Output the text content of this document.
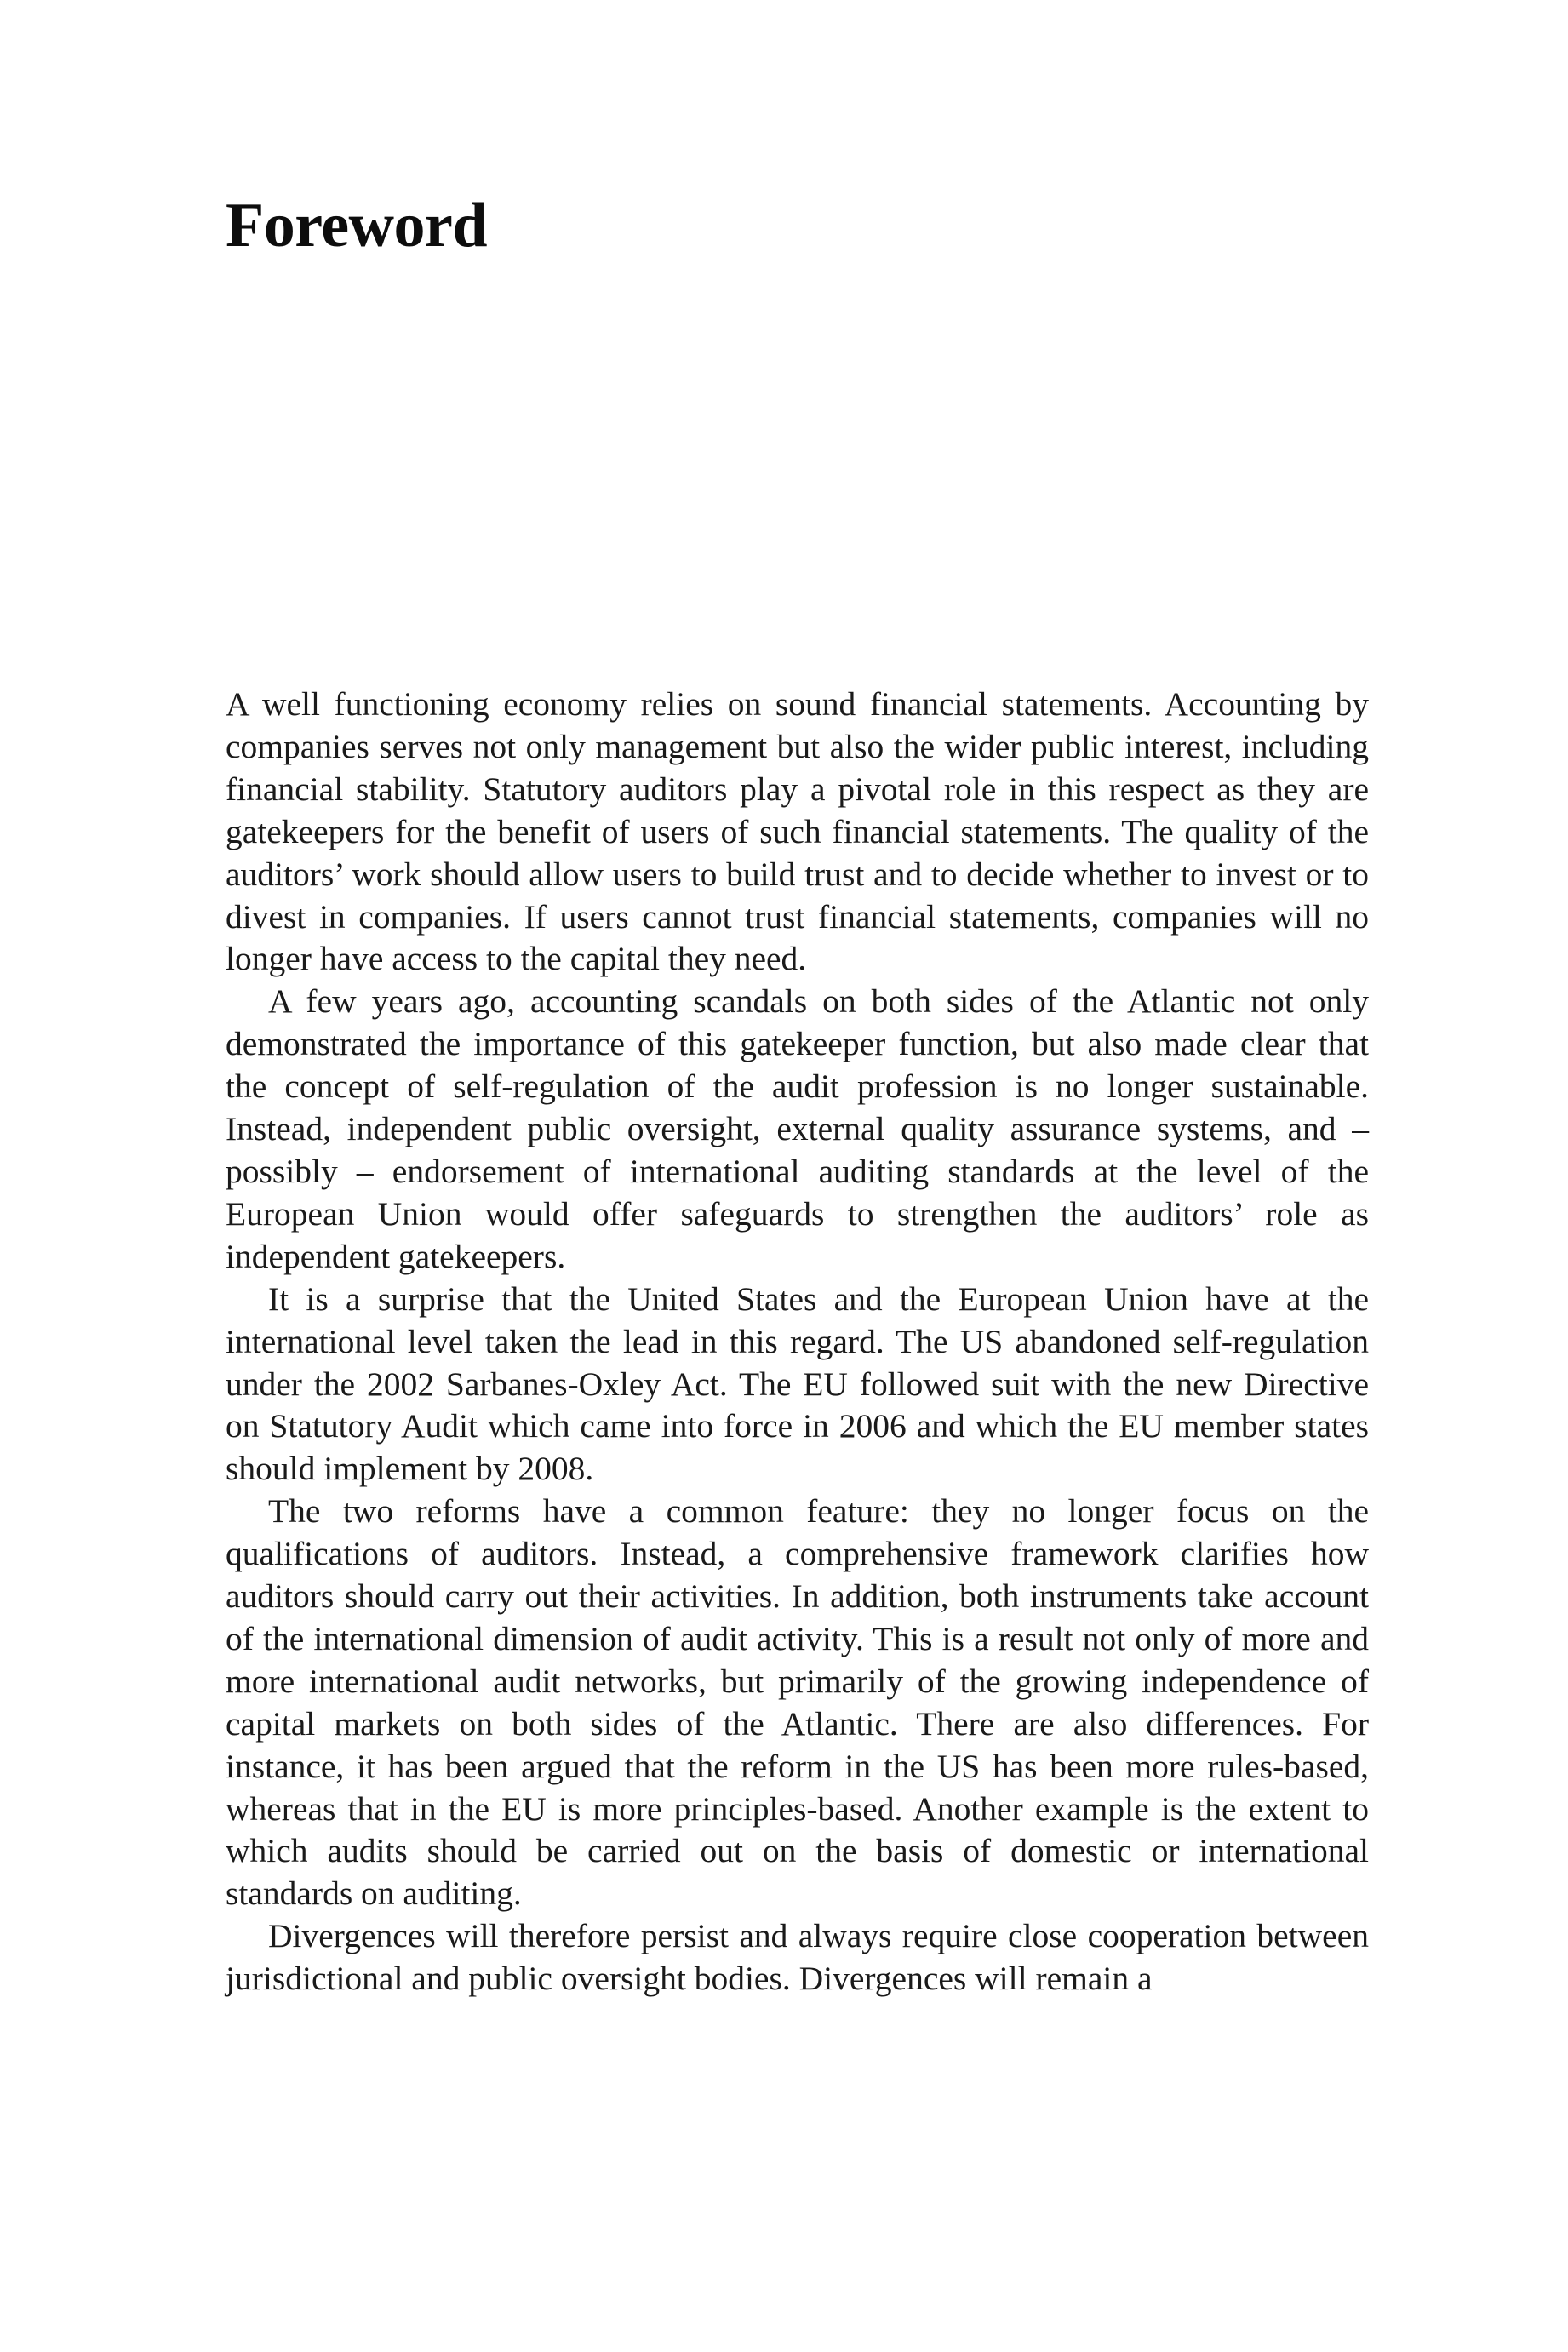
Foreword

A well functioning economy relies on sound financial statements. Accounting by companies serves not only management but also the wider public interest, including financial stability. Statutory auditors play a pivotal role in this respect as they are gatekeepers for the benefit of users of such financial statements. The quality of the auditors’ work should allow users to build trust and to decide whether to invest or to divest in companies. If users cannot trust financial statements, companies will no longer have access to the capital they need.

A few years ago, accounting scandals on both sides of the Atlantic not only demonstrated the importance of this gatekeeper function, but also made clear that the concept of self-regulation of the audit profession is no longer sustainable. Instead, independent public oversight, external quality assurance systems, and – possibly – endorsement of international auditing standards at the level of the European Union would offer safeguards to strengthen the auditors’ role as independent gatekeepers.

It is a surprise that the United States and the European Union have at the international level taken the lead in this regard. The US abandoned self-regulation under the 2002 Sarbanes-Oxley Act. The EU followed suit with the new Directive on Statutory Audit which came into force in 2006 and which the EU member states should implement by 2008.

The two reforms have a common feature: they no longer focus on the qualifications of auditors. Instead, a comprehensive framework clarifies how auditors should carry out their activities. In addition, both instruments take account of the international dimension of audit activity. This is a result not only of more and more international audit networks, but primarily of the growing independence of capital markets on both sides of the Atlantic. There are also differences. For instance, it has been argued that the reform in the US has been more rules-based, whereas that in the EU is more principles-based. Another example is the extent to which audits should be carried out on the basis of domestic or international standards on auditing.

Divergences will therefore persist and always require close cooperation between jurisdictional and public oversight bodies. Divergences will remain a
